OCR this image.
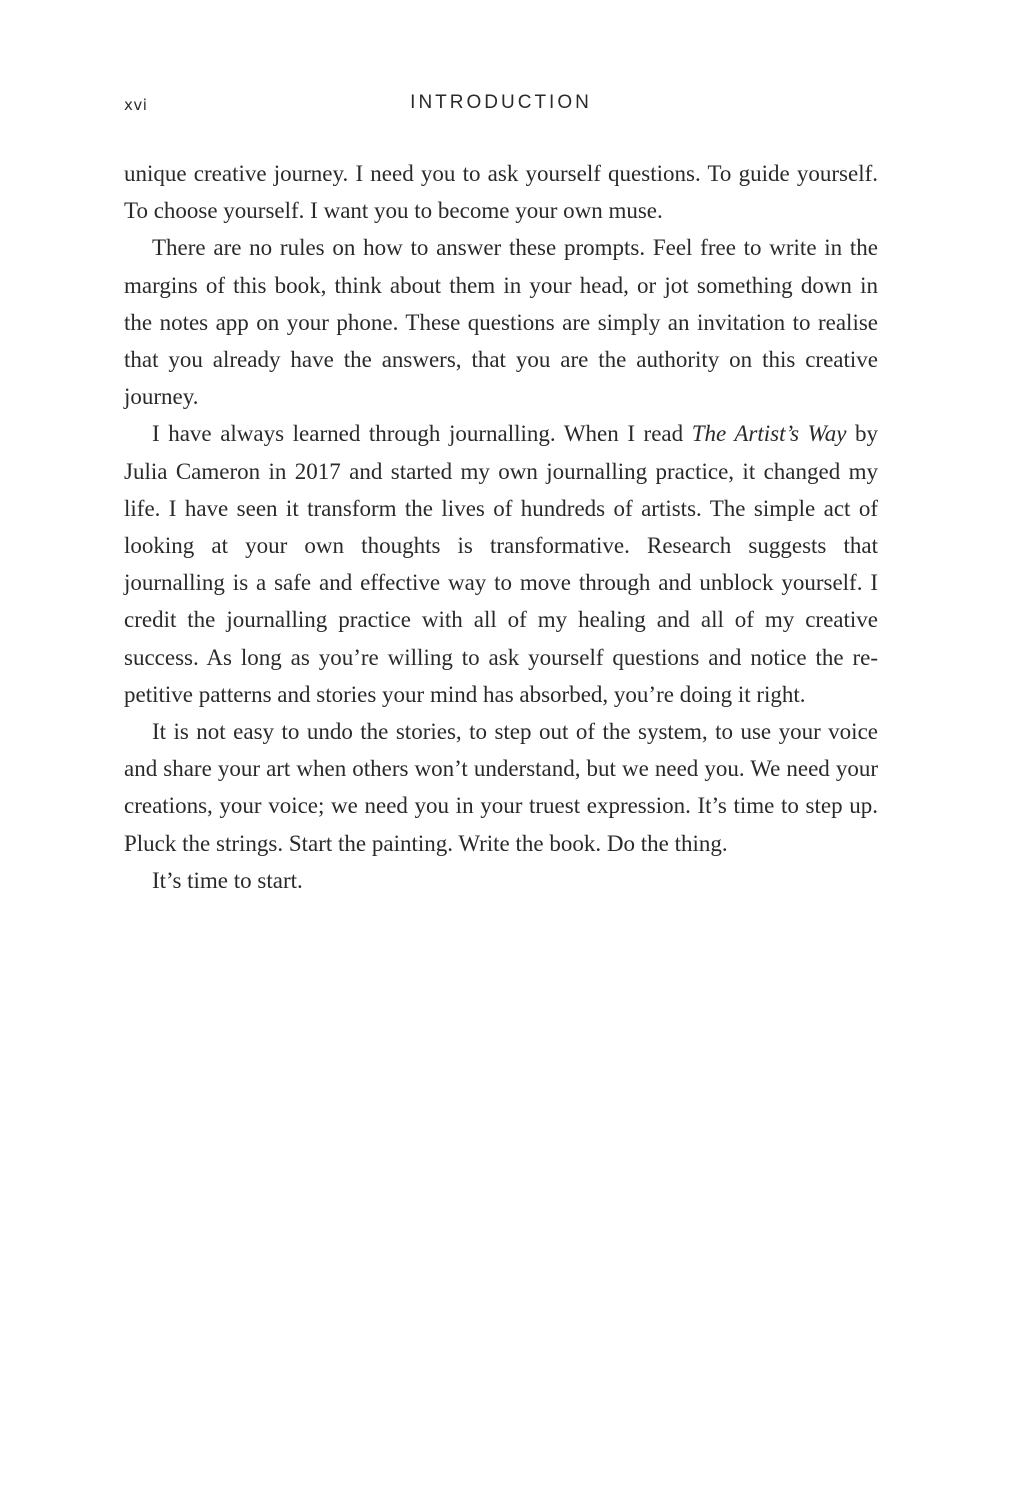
xvi	INTRODUCTION

unique creative journey. I need you to ask yourself questions. To guide yourself. To choose yourself. I want you to become your own muse.

There are no rules on how to answer these prompts. Feel free to write in the margins of this book, think about them in your head, or jot something down in the notes app on your phone. These questions are simply an invitation to realise that you already have the answers, that you are the authority on this creative journey.

I have always learned through journalling. When I read The Artist’s Way by Julia Cameron in 2017 and started my own journalling practice, it changed my life. I have seen it transform the lives of hundreds of artists. The simple act of looking at your own thoughts is transformative. Research suggests that journalling is a safe and effective way to move through and unblock yourself. I credit the journalling practice with all of my healing and all of my creative success. As long as you’re willing to ask yourself questions and notice the repetitive patterns and stories your mind has absorbed, you’re doing it right.

It is not easy to undo the stories, to step out of the system, to use your voice and share your art when others won’t understand, but we need you. We need your creations, your voice; we need you in your truest expression. It’s time to step up. Pluck the strings. Start the painting. Write the book. Do the thing.

It’s time to start.
